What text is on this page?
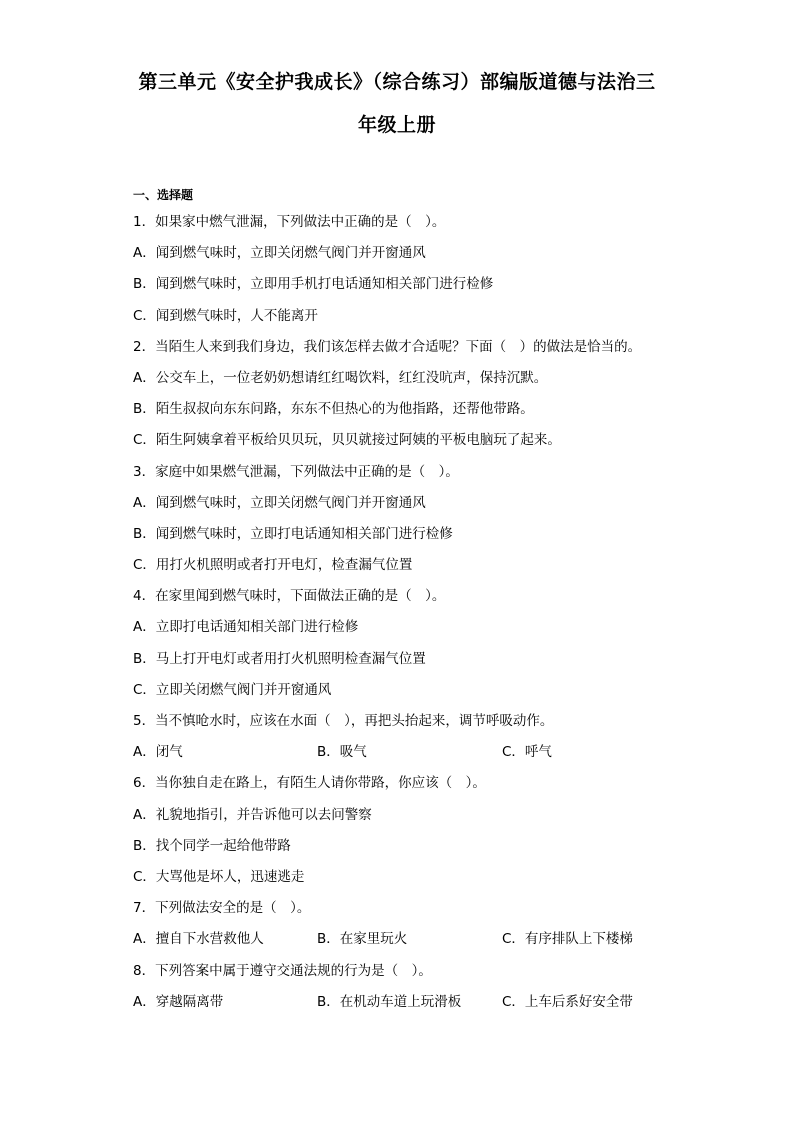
第三单元《安全护我成长》（综合练习）部编版道德与法治三
年级上册
一、选择题
1．如果家中燃气泄漏，下列做法中正确的是（　）。
A．闻到燃气味时，立即关闭燃气阀门并开窗通风
B．闻到燃气味时，立即用手机打电话通知相关部门进行检修
C．闻到燃气味时，人不能离开
2．当陌生人来到我们身边，我们该怎样去做才合适呢？下面（　）的做法是恰当的。
A．公交车上，一位老奶奶想请红红喝饮料，红红没吭声，保持沉默。
B．陌生叔叔向东东问路，东东不但热心的为他指路，还帮他带路。
C．陌生阿姨拿着平板给贝贝玩，贝贝就接过阿姨的平板电脑玩了起来。
3．家庭中如果燃气泄漏，下列做法中正确的是（　）。
A．闻到燃气味时，立即关闭燃气阀门并开窗通风
B．闻到燃气味时，立即打电话通知相关部门进行检修
C．用打火机照明或者打开电灯，检查漏气位置
4．在家里闻到燃气味时，下面做法正确的是（　）。
A．立即打电话通知相关部门进行检修
B．马上打开电灯或者用打火机照明检查漏气位置
C．立即关闭燃气阀门并开窗通风
5．当不慎呛水时，应该在水面（　），再把头抬起来，调节呼吸动作。
A．闭气	B．吸气	C．呼气
6．当你独自走在路上，有陌生人请你带路，你应该（　）。
A．礼貌地指引，并告诉他可以去问警察
B．找个同学一起给他带路
C．大骂他是坏人，迅速逃走
7．下列做法安全的是（　）。
A．擅自下水营救他人	B．在家里玩火	C．有序排队上下楼梯
8．下列答案中属于遵守交通法规的行为是（　）。
A．穿越隔离带	B．在机动车道上玩滑板	C．上车后系好安全带
